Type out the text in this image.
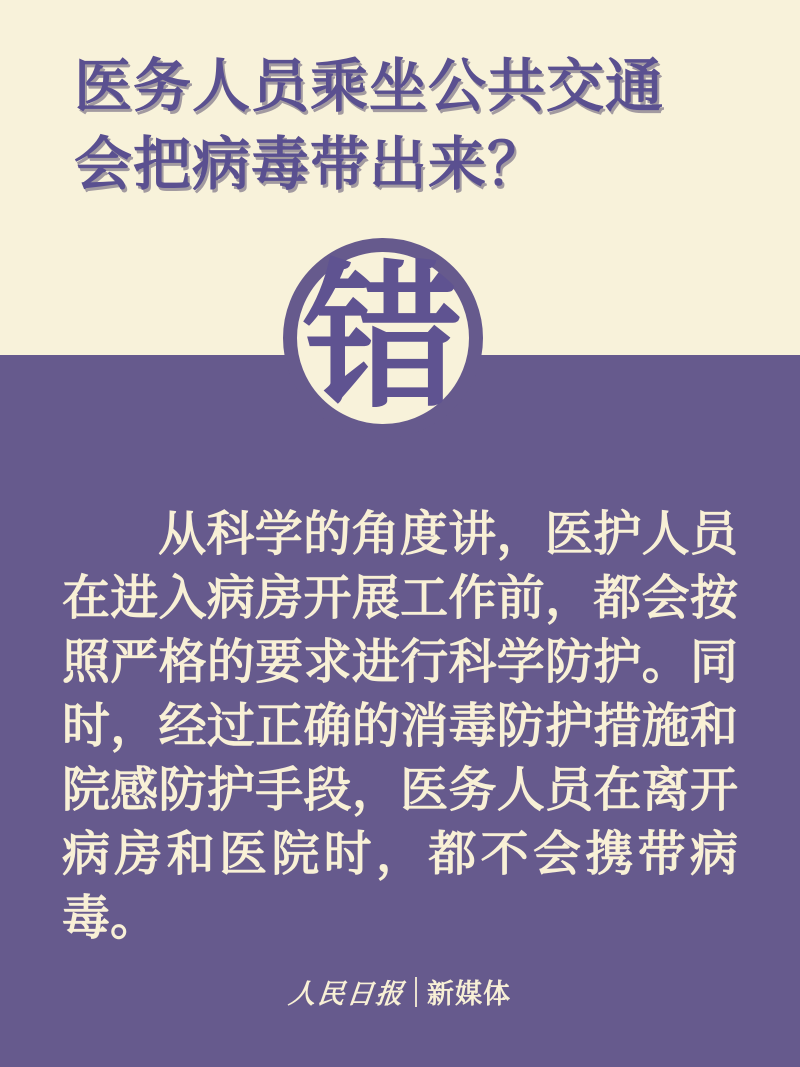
医务人员乘坐公共交通
会把病毒带出来？

从科学的角度讲，医护人员在进入病房开展工作前，都会按照严格的要求进行科学防护。同时，经过正确的消毒防护措施和院感防护手段，医务人员在离开病房和医院时，都不会携带病毒。

人民日报 新媒体
错
